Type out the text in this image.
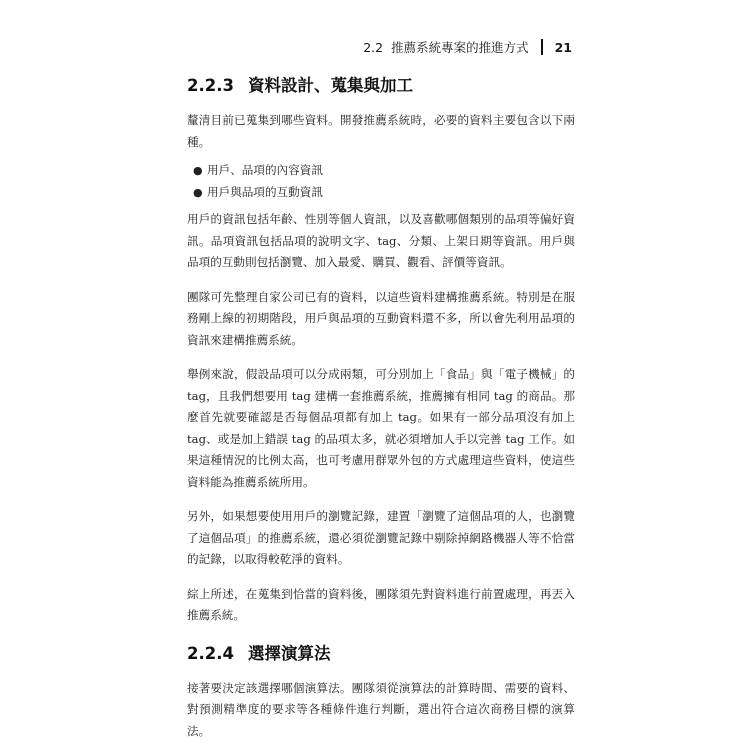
2.2 推薦系統專案的推進方式 21
2.2.3 資料設計、蒐集與加工

釐清目前已蒐集到哪些資料。開發推薦系統時，必要的資料主要包含以下兩種。

● 用戶、品項的內容資訊
● 用戶與品項的互動資訊

用戶的資訊包括年齡、性別等個人資訊，以及喜歡哪個類別的品項等偏好資訊。品項資訊包括品項的說明文字、tag、分類、上架日期等資訊。用戶與品項的互動則包括瀏覽、加入最愛、購買、觀看、評價等資訊。

團隊可先整理自家公司已有的資料，以這些資料建構推薦系統。特別是在服務剛上線的初期階段，用戶與品項的互動資料還不多，所以會先利用品項的資訊來建構推薦系統。

舉例來說，假設品項可以分成兩類，可分別加上「食品」與「電子機械」的 tag，且我們想要用 tag 建構一套推薦系統，推薦擁有相同 tag 的商品。那麼首先就要確認是否每個品項都有加上 tag。如果有一部分品項沒有加上 tag、或是加上錯誤 tag 的品項太多，就必須增加人手以完善 tag 工作。如果這種情況的比例太高，也可考慮用群眾外包的方式處理這些資料，使這些資料能為推薦系統所用。

另外，如果想要使用用戶的瀏覽記錄，建置「瀏覽了這個品項的人，也瀏覽了這個品項」的推薦系統，還必須從瀏覽記錄中剔除掉網路機器人等不恰當的記錄，以取得較乾淨的資料。

綜上所述，在蒐集到恰當的資料後，團隊須先對資料進行前置處理，再丟入推薦系統。

2.2.4 選擇演算法

接著要決定該選擇哪個演算法。團隊須從演算法的計算時間、需要的資料、對預測精準度的要求等各種條件進行判斷，選出符合這次商務目標的演算法。
